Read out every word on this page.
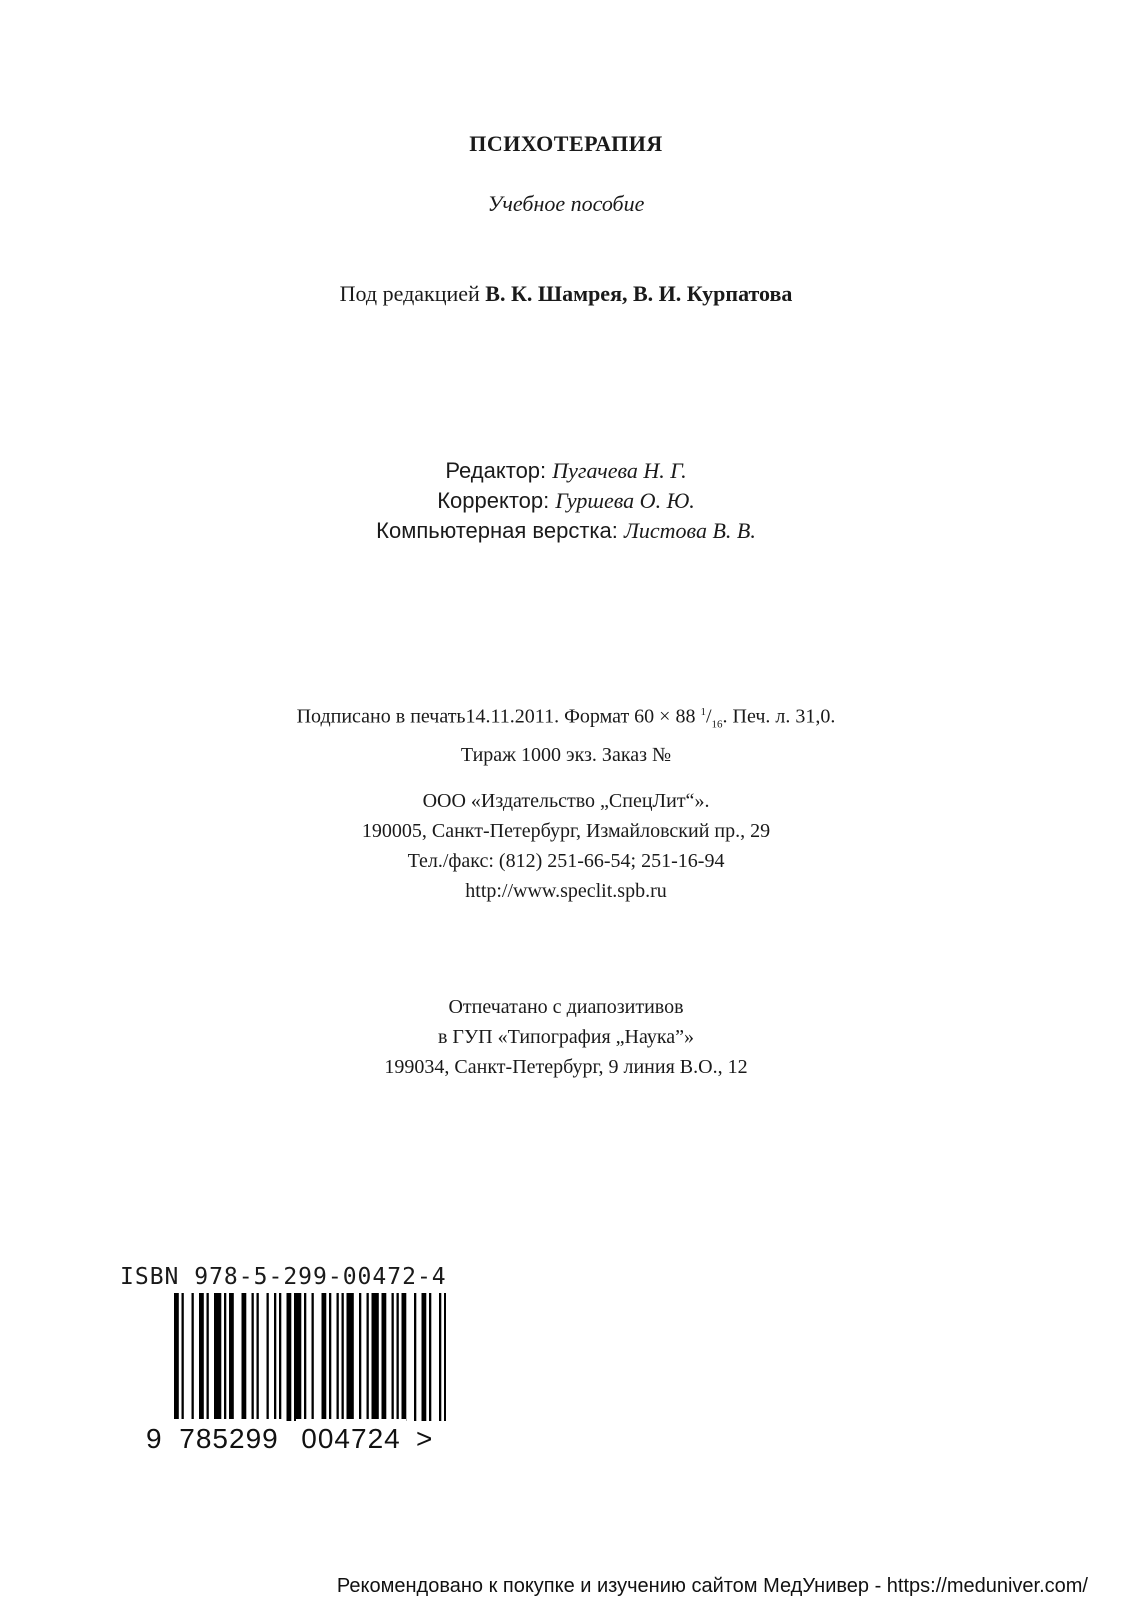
ПСИХОТЕРАПИЯ
Учебное пособие
Под редакцией В. К. Шамрея, В. И. Курпатова
Редактор: Пугачева Н. Г.
Корректор: Гуршева О. Ю.
Компьютерная верстка: Листова В. В.
Подписано в печать14.11.2011. Формат 60 × 88 $^1/_{16}$. Печ. л. 31,0.
Тираж 1000 экз. Заказ №
ООО «Издательство „СпецЛит“».
190005, Санкт-Петербург, Измайловский пр., 29
Тел./факс: (812) 251-66-54; 251-16-94
http://www.speclit.spb.ru
Отпечатано с диапозитивов
в ГУП «Типография „Наука”»
199034, Санкт-Петербург, 9 линия В.О., 12
ISBN 978-5-299-00472-4
9 785299 004724 >
Рекомендовано к покупке и изучению сайтом МедУнивер - https://meduniver.com/
